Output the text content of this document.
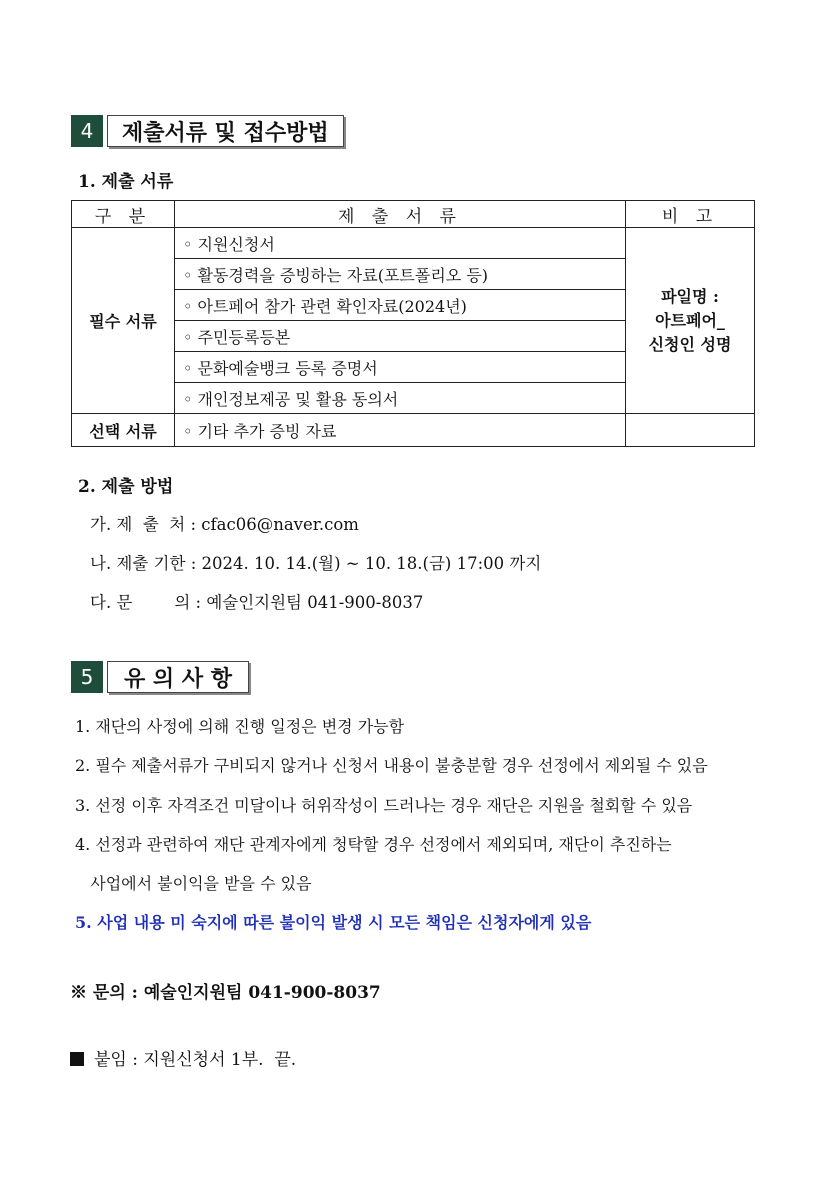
4	제출서류 및 접수방법
1. 제출 서류
구 분	제 출 서 류	비 고
필수 서류	◦ 지원신청서	파일명 :
아트페어_
신청인 성명

	◦ 활동경력을 증빙하는 자료(포트폴리오 등)	
	◦ 아트페어 참가 관련 확인자료(2024년)	
	◦ 주민등록등본	
	◦ 문화예술뱅크 등록 증명서	
	◦ 개인정보제공 및 활용 동의서	
선택 서류	◦ 기타 추가 증빙 자료	
2. 제출 방법
가. 제  출  처 : cfac06@naver.com
나. 제출 기한 : 2024. 10. 14.(월) ~ 10. 18.(금) 17:00 까지
다. 문        의 : 예술인지원팀 041-900-8037
5	유 의 사 항
1. 재단의 사정에 의해 진행 일정은 변경 가능함
2. 필수 제출서류가 구비되지 않거나 신청서 내용이 불충분할 경우 선정에서 제외될 수 있음
3. 선정 이후 자격조건 미달이나 허위작성이 드러나는 경우 재단은 지원을 철회할 수 있음
4. 선정과 관련하여 재단 관계자에게 청탁할 경우 선정에서 제외되며, 재단이 추진하는
사업에서 불이익을 받을 수 있음
5. 사업 내용 미 숙지에 따른 불이익 발생 시 모든 책임은 신청자에게 있음
※ 문의 : 예술인지원팀 041-900-8037
붙임 : 지원신청서 1부.  끝.
